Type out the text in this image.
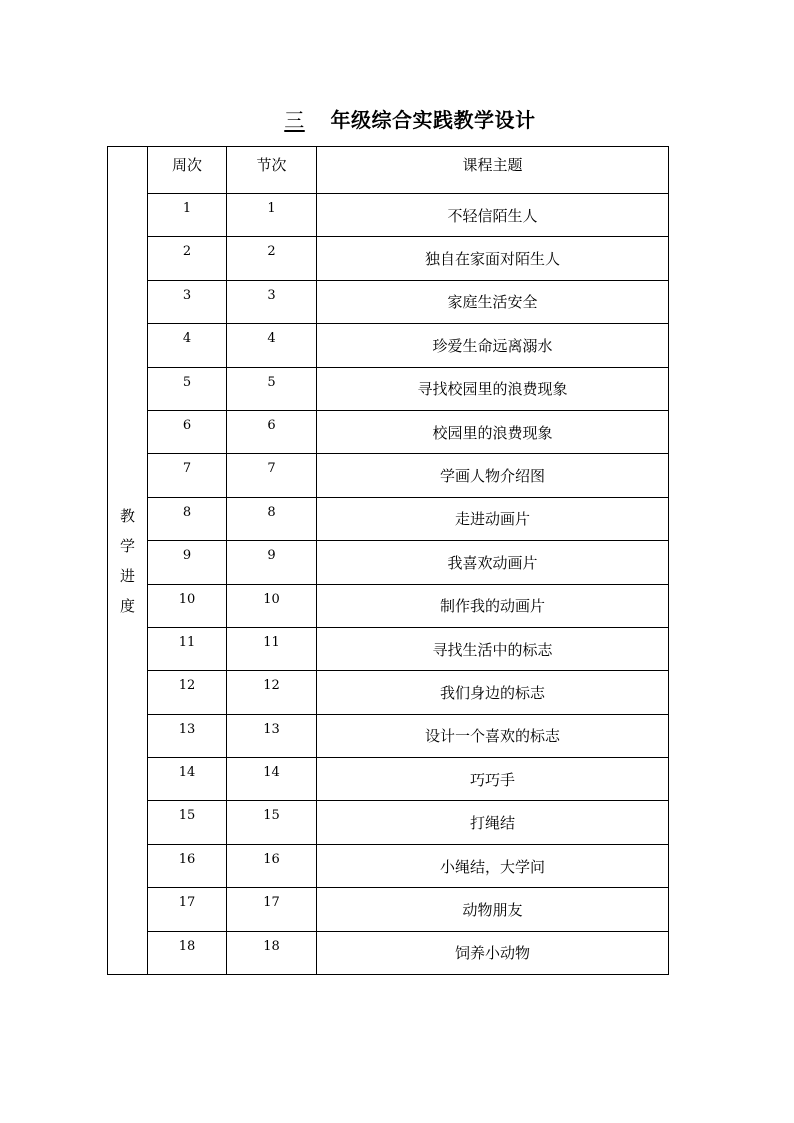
三 年级综合实践教学设计
教
学
进
度	周次	节次	课程主题
	1	1	不轻信陌生人
	2	2	独自在家面对陌生人
	3	3	家庭生活安全
	4	4	珍爱生命远离溺水
	5	5	寻找校园里的浪费现象
	6	6	校园里的浪费现象
	7	7	学画人物介绍图
	8	8	走进动画片
	9	9	我喜欢动画片
	10	10	制作我的动画片
	11	11	寻找生活中的标志
	12	12	我们身边的标志
	13	13	设计一个喜欢的标志
	14	14	巧巧手
	15	15	打绳结
	16	16	小绳结，大学问
	17	17	动物朋友
	18	18	饲养小动物
